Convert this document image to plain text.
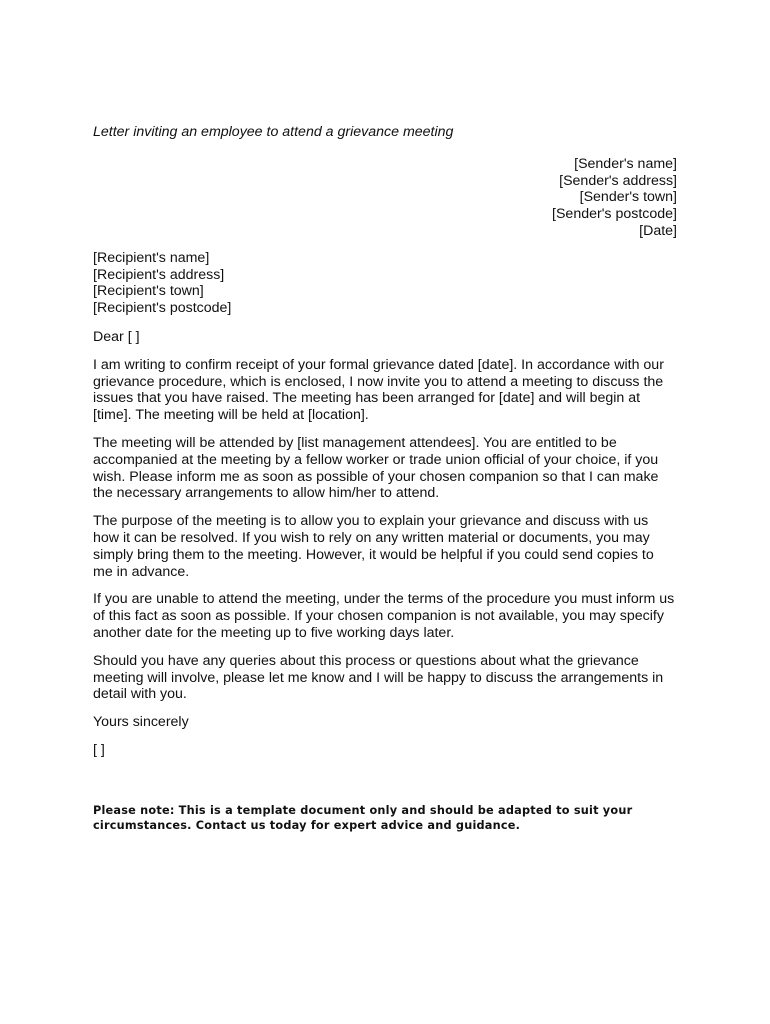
Letter inviting an employee to attend a grievance meeting
[Sender's name]
[Sender's address]
[Sender's town]
[Sender's postcode]
[Date]
[Recipient's name]
[Recipient's address]
[Recipient's town]
[Recipient's postcode]
Dear [ ]

I am writing to confirm receipt of your formal grievance dated [date]. In accordance with our grievance procedure, which is enclosed, I now invite you to attend a meeting to discuss the issues that you have raised. The meeting has been arranged for [date] and will begin at [time]. The meeting will be held at [location].

The meeting will be attended by [list management attendees]. You are entitled to be accompanied at the meeting by a fellow worker or trade union official of your choice, if you wish. Please inform me as soon as possible of your chosen companion so that I can make the necessary arrangements to allow him/her to attend.

The purpose of the meeting is to allow you to explain your grievance and discuss with us how it can be resolved. If you wish to rely on any written material or documents, you may simply bring them to the meeting. However, it would be helpful if you could send copies to me in advance.

If you are unable to attend the meeting, under the terms of the procedure you must inform us of this fact as soon as possible. If your chosen companion is not available, you may specify another date for the meeting up to five working days later.

Should you have any queries about this process or questions about what the grievance meeting will involve, please let me know and I will be happy to discuss the arrangements in detail with you.

Yours sincerely
[ ]
Please note: This is a template document only and should be adapted to suit your circumstances. Contact us today for expert advice and guidance.
